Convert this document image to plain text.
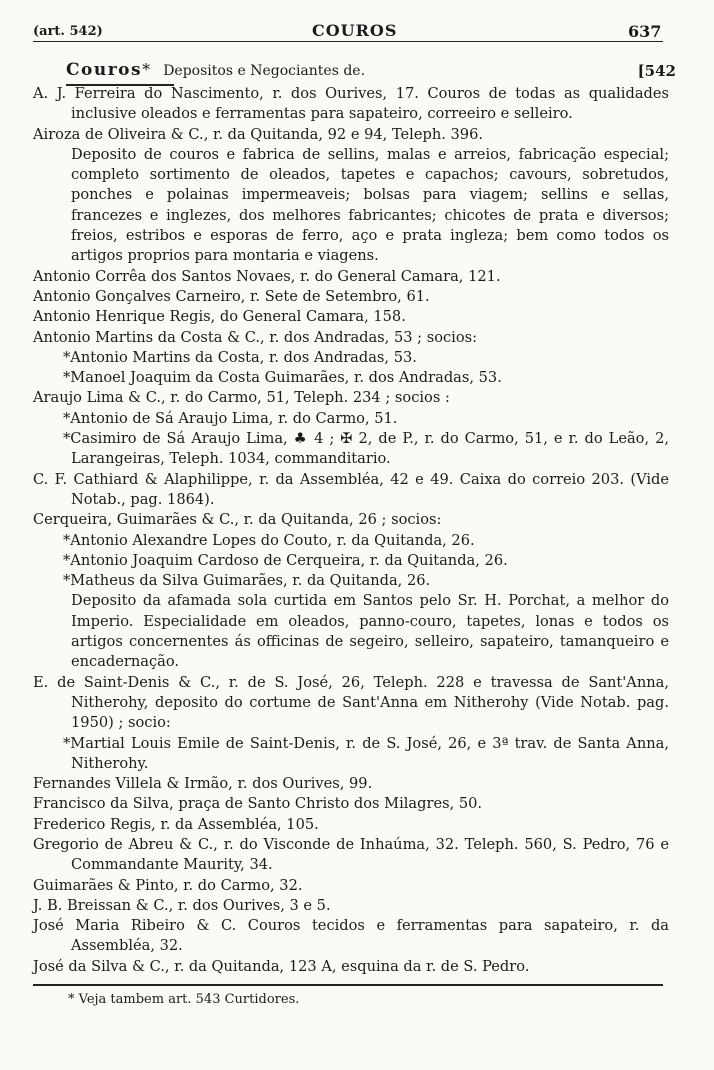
(art. 542)	COUROS	637
Couros* Depositos e Negociantes de.	[542

A. J. Ferreira do Nascimento, r. dos Ourives, 17. Couros de todas as qualidades inclusive oleados e ferramentas para sapateiro, correeiro e selleiro.

Airoza de Oliveira & C., r. da Quitanda, 92 e 94, Teleph. 396.

Deposito de couros e fabrica de sellins, malas e arreios, fabricação especial; completo sortimento de oleados, tapetes e capachos; cavours, sobretudos, ponches e polainas impermeaveis; bolsas para viagem; sellins e sellas, francezes e inglezes, dos melhores fabricantes; chicotes de prata e diversos; freios, estribos e esporas de ferro, aço e prata ingleza; bem como todos os artigos proprios para montaria e viagens.

Antonio Corrêa dos Santos Novaes, r. do General Camara, 121.

Antonio Gonçalves Carneiro, r. Sete de Setembro, 61.

Antonio Henrique Regis, do General Camara, 158.

Antonio Martins da Costa & C., r. dos Andradas, 53 ; socios:

*Antonio Martins da Costa, r. dos Andradas, 53.

*Manoel Joaquim da Costa Guimarães, r. dos Andradas, 53.

Araujo Lima & C., r. do Carmo, 51, Teleph. 234 ; socios :

*Antonio de Sá Araujo Lima, r. do Carmo, 51.

*Casimiro de Sá Araujo Lima, ♣ 4 ; ✠ 2, de P., r. do Carmo, 51, e r. do Leão, 2, Larangeiras, Teleph. 1034, commanditario.

C. F. Cathiard & Alaphilippe, r. da Assembléa, 42 e 49. Caixa do correio 203. (Vide Notab., pag. 1864).

Cerqueira, Guimarães & C., r. da Quitanda, 26 ; socios:

*Antonio Alexandre Lopes do Couto, r. da Quitanda, 26.

*Antonio Joaquim Cardoso de Cerqueira, r. da Quitanda, 26.

*Matheus da Silva Guimarães, r. da Quitanda, 26.

Deposito da afamada sola curtida em Santos pelo Sr. H. Porchat, a melhor do Imperio. Especialidade em oleados, panno-couro, tapetes, lonas e todos os artigos concernentes ás officinas de segeiro, selleiro, sapateiro, tamanqueiro e encadernação.

E. de Saint-Denis & C., r. de S. José, 26, Teleph. 228 e travessa de Sant'Anna, Nitherohy, deposito do cortume de Sant'Anna em Nitherohy (Vide Notab. pag. 1950) ; socio:

*Martial Louis Emile de Saint-Denis, r. de S. José, 26, e 3ª trav. de Santa Anna, Nitherohy.

Fernandes Villela & Irmão, r. dos Ourives, 99.

Francisco da Silva, praça de Santo Christo dos Milagres, 50.

Frederico Regis, r. da Assembléa, 105.

Gregorio de Abreu & C., r. do Visconde de Inhaúma, 32. Teleph. 560, S. Pedro, 76 e Commandante Maurity, 34.

Guimarães & Pinto, r. do Carmo, 32.

J. B. Breissan & C., r. dos Ourives, 3 e 5.

José Maria Ribeiro & C. Couros tecidos e ferramentas para sapateiro, r. da Assembléa, 32.

José da Silva & C., r. da Quitanda, 123 A, esquina da r. de S. Pedro.

* Veja tambem art. 543 Curtidores.
